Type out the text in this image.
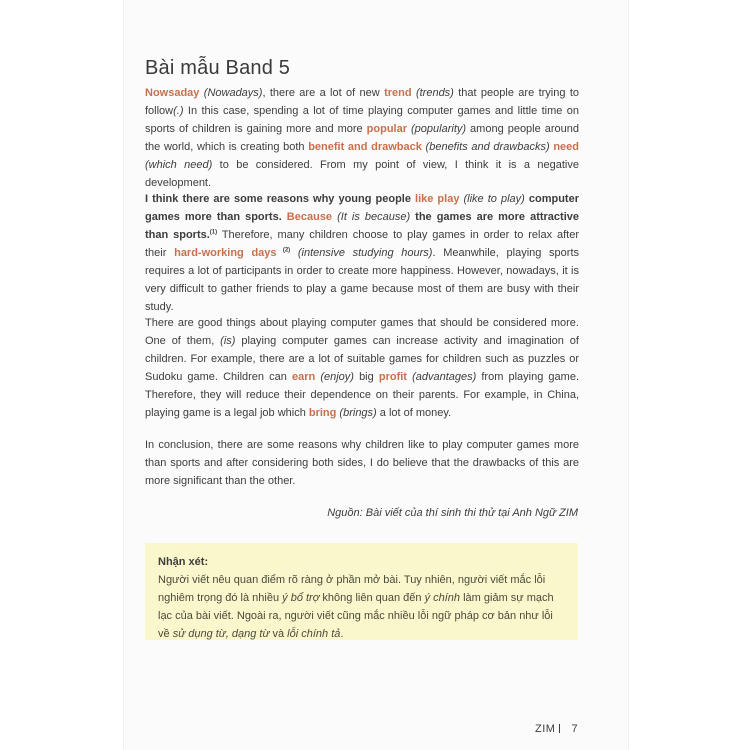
Bài mẫu Band 5

Nowsaday (Nowadays), there are a lot of new trend (trends) that people are trying to follow(.) In this case, spending a lot of time playing computer games and little time on sports of children is gaining more and more popular (popularity) among people around the world, which is creating both benefit and drawback (benefits and drawbacks) need (which need) to be considered. From my point of view, I think it is a negative development.

I think there are some reasons why young people like play (like to play) computer games more than sports. Because (It is because) the games are more attractive than sports.$^{(1)}$ Therefore, many children choose to play games in order to relax after their hard-working days $^{(2)}$ (intensive studying hours). Meanwhile, playing sports requires a lot of participants in order to create more happiness. However, nowadays, it is very difficult to gather friends to play a game because most of them are busy with their study.

There are good things about playing computer games that should be considered more. One of them, (is) playing computer games can increase activity and imagination of children. For example, there are a lot of suitable games for children such as puzzles or Sudoku game. Children can earn (enjoy) big profit (advantages) from playing game. Therefore, they will reduce their dependence on their parents. For example, in China, playing game is a legal job which bring (brings) a lot of money.

In conclusion, there are some reasons why children like to play computer games more than sports and after considering both sides, I do believe that the drawbacks of this are more significant than the other.

Nguồn: Bài viết của thí sinh thi thử tại Anh Ngữ ZIM

Nhận xét:

Người viết nêu quan điểm rõ ràng ở phần mở bài. Tuy nhiên, người viết mắc lỗi nghiêm trọng đó là nhiều ý bổ trợ không liên quan đến ý chính làm giảm sự mạch lạc của bài viết. Ngoài ra, người viết cũng mắc nhiều lỗi ngữ pháp cơ bản như lỗi về sử dụng từ, dạng từ và lỗi chính tả.

ZIM 7
